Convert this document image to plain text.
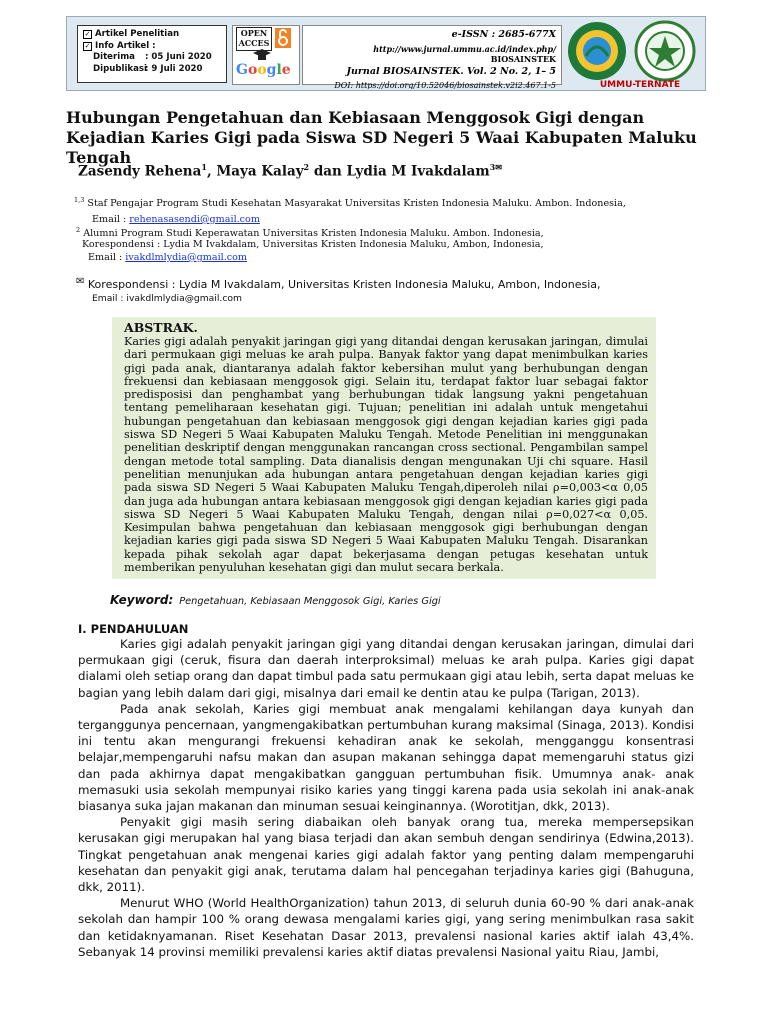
✓ Artikel Penelitian
✓ Info Artikel :
Diterima : 05 Juni 2020
Dipublikasi: 9 Juli 2020
OPEN ACCES
Google
e-ISSN : 2685-677X
http://www.jurnal.ummu.ac.id/index.php/
BIOSAINSTEK
Jurnal BIOSAINSTEK. Vol. 2 No. 2, 1– 5
DOI: https://doi.org/10.52046/biosainstek.v2i2.467.1-5	UMMU-TERNATE
Hubungan Pengetahuan dan Kebiasaan Menggosok Gigi dengan Kejadian Karies Gigi pada Siswa SD Negeri 5 Waai Kabupaten Maluku Tengah
Zasendy Rehena$^1$, Maya Kalay$^2$ dan Lydia M Ivakdalam$^{3✉}$
$^{1,3}$ Staf Pengajar Program Studi Kesehatan Masyarakat Universitas Kristen Indonesia Maluku. Ambon. Indonesia,
Email : rehenasasendi@gmail.com
$^2$ Alumni Program Studi Keperawatan Universitas Kristen Indonesia Maluku. Ambon. Indonesia,
Korespondensi : Lydia M Ivakdalam, Universitas Kristen Indonesia Maluku, Ambon, Indonesia,
Email : ivakdlmlydia@gmail.com
✉ Korespondensi : Lydia M Ivakdalam, Universitas Kristen Indonesia Maluku, Ambon, Indonesia,
Email : ivakdlmlydia@gmail.com
ABSTRAK.
Karies gigi adalah penyakit jaringan gigi yang ditandai dengan kerusakan jaringan, dimulai dari permukaan gigi meluas ke arah pulpa. Banyak faktor yang dapat menimbulkan karies gigi pada anak, diantaranya adalah faktor kebersihan mulut yang berhubungan dengan frekuensi dan kebiasaan menggosok gigi. Selain itu, terdapat faktor luar sebagai faktor predisposisi dan penghambat yang berhubungan tidak langsung yakni pengetahuan tentang pemeliharaan kesehatan gigi. Tujuan; penelitian ini adalah untuk mengetahui hubungan pengetahuan dan kebiasaan menggosok gigi dengan kejadian karies gigi pada siswa SD Negeri 5 Waai Kabupaten Maluku Tengah. Metode Penelitian ini menggunakan penelitian deskriptif dengan menggunakan rancangan cross sectional. Pengambilan sampel dengan metode total sampling. Data dianalisis dengan mengunakan Uji chi square. Hasil penelitian menunjukan ada hubungan antara pengetahuan dengan kejadian karies gigi pada siswa SD Negeri 5 Waai Kabupaten Maluku Tengah,diperoleh nilai ρ=0,003<α 0,05 dan juga ada hubungan antara kebiasaan menggosok gigi dengan kejadian karies gigi pada siswa SD Negeri 5 Waai Kabupaten Maluku Tengah, dengan nilai ρ=0,027<α 0,05. Kesimpulan bahwa pengetahuan dan kebiasaan menggosok gigi berhubungan dengan kejadian karies gigi pada siswa SD Negeri 5 Waai Kabupaten Maluku Tengah. Disarankan kepada pihak sekolah agar dapat bekerjasama dengan petugas kesehatan untuk memberikan penyuluhan kesehatan gigi dan mulut secara berkala.
Keyword: Pengetahuan, Kebiasaan Menggosok Gigi, Karies Gigi
I. PENDAHULUAN

Karies gigi adalah penyakit jaringan gigi yang ditandai dengan kerusakan jaringan, dimulai dari permukaan gigi (ceruk, fisura dan daerah interproksimal) meluas ke arah pulpa. Karies gigi dapat dialami oleh setiap orang dan dapat timbul pada satu permukaan gigi atau lebih, serta dapat meluas ke bagian yang lebih dalam dari gigi, misalnya dari email ke dentin atau ke pulpa (Tarigan, 2013).

Pada anak sekolah, Karies gigi membuat anak mengalami kehilangan daya kunyah dan terganggunya pencernaan, yangmengakibatkan pertumbuhan kurang maksimal (Sinaga, 2013). Kondisi ini tentu akan mengurangi frekuensi kehadiran anak ke sekolah, mengganggu konsentrasi belajar,mempengaruhi nafsu makan dan asupan makanan sehingga dapat memengaruhi status gizi dan pada akhirnya dapat mengakibatkan gangguan pertumbuhan fisik. Umumnya anak- anak memasuki usia sekolah mempunyai risiko karies yang tinggi karena pada usia sekolah ini anak-anak biasanya suka jajan makanan dan minuman sesuai keinginannya. (Worotitjan, dkk, 2013).

Penyakit gigi masih sering diabaikan oleh banyak orang tua, mereka mempersepsikan kerusakan gigi merupakan hal yang biasa terjadi dan akan sembuh dengan sendirinya (Edwina,2013). Tingkat pengetahuan anak mengenai karies gigi adalah faktor yang penting dalam mempengaruhi kesehatan dan penyakit gigi anak, terutama dalam hal pencegahan terjadinya karies gigi (Bahuguna, dkk, 2011).

Menurut WHO (World HealthOrganization) tahun 2013, di seluruh dunia 60-90 % dari anak-anak sekolah dan hampir 100 % orang dewasa mengalami karies gigi, yang sering menimbulkan rasa sakit dan ketidaknyamanan. Riset Kesehatan Dasar 2013, prevalensi nasional karies aktif ialah 43,4%. Sebanyak 14 provinsi memiliki prevalensi karies aktif diatas prevalensi Nasional yaitu Riau, Jambi,
